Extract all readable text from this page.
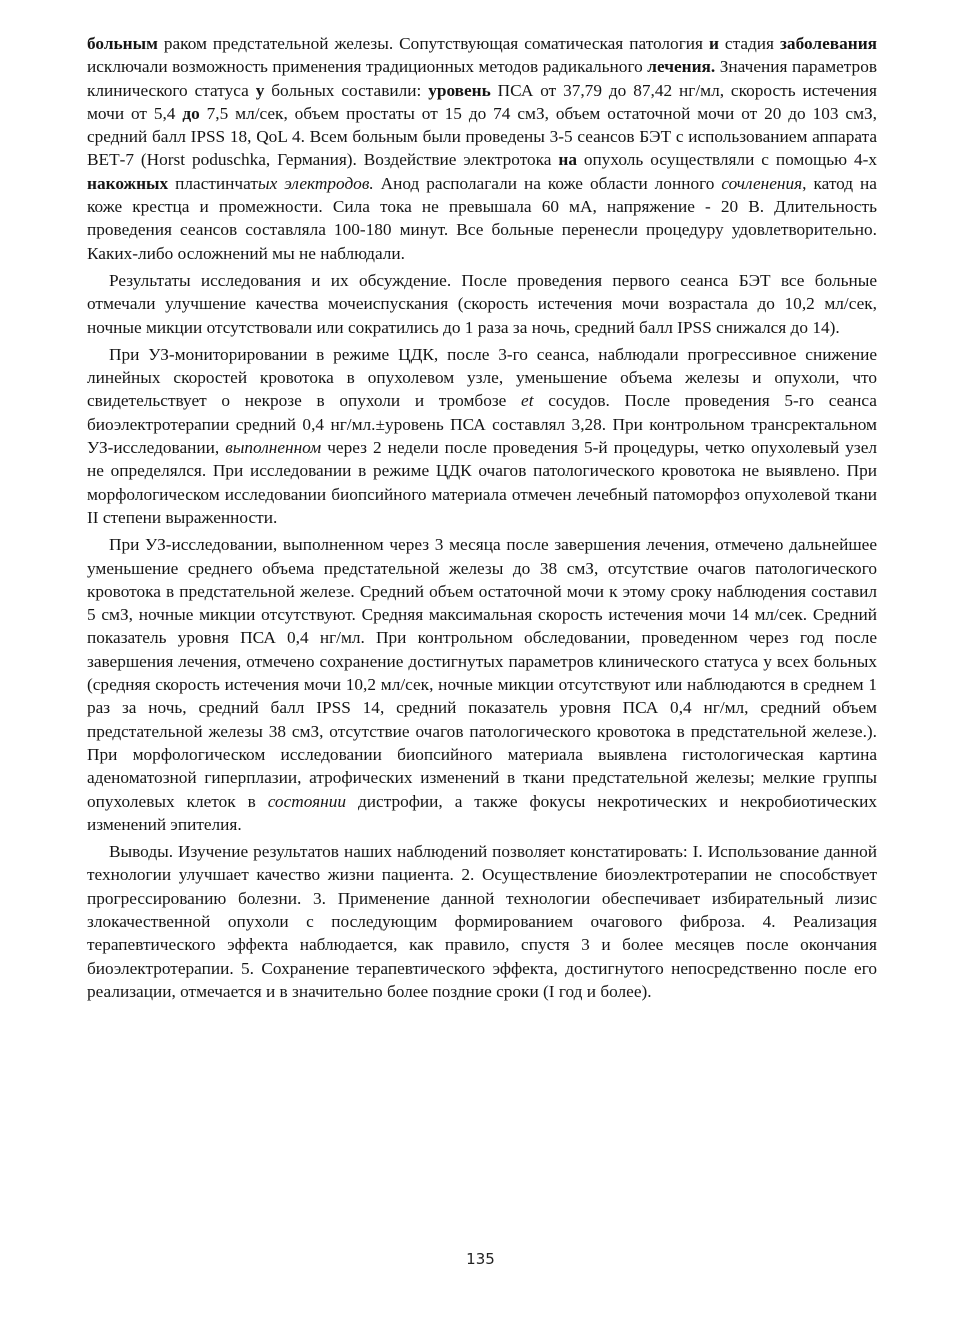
больным раком предстательной железы. Сопутствующая соматическая патология и стадия заболевания исключали возможность применения традиционных методов радикального лечения. Значения параметров клинического статуса у больных составили: уровень ПСА от 37,79 до 87,42 нг/мл, скорость истечения мочи от 5,4 до 7,5 мл/сек, объем простаты от 15 до 74 смЗ, объем остаточной мочи от 20 до 103 смЗ, средний балл IPSS 18, QoL 4. Всем больным были проведены 3-5 сеансов БЭТ с использованием аппарата ВЕТ-7 (Horst poduschka, Германия). Воздействие электротока на опухоль осуществляли с помощью 4-х накожных пластинчатых электродов. Анод располагали на коже области лонного сочленения, катод на коже крестца и промежности. Сила тока не превышала 60 мА, напряжение - 20 В. Длительность проведения сеансов составляла 100-180 минут. Все больные перенесли процедуру удовлетворительно. Каких-либо осложнений мы не наблюдали.

Результаты исследования и их обсуждение. После проведения первого сеанса БЭТ все больные отмечали улучшение качества мочеиспускания (скорость истечения мочи возрастала до 10,2 мл/сек, ночные микции отсутствовали или сократились до 1 раза за ночь, средний балл IPSS снижался до 14).

При УЗ-мониторировании в режиме ЦДК, после 3-го сеанса, наблюдали прогрессивное снижение линейных скоростей кровотока в опухолевом узле, уменьшение объема железы и опухоли, что свидетельствует о некрозе в опухоли и тромбозе et сосудов. После проведения 5-го сеанса биоэлектротерапии средний 0,4 нг/мл.±уровень ПСА составлял 3,28. При контрольном трансректальном УЗ-исследовании, выполненном через 2 недели после проведения 5-й процедуры, четко опухолевый узел не определялся. При исследовании в режиме ЦДК очагов патологического кровотока не выявлено. При морфологическом исследовании биопсийного материала отмечен лечебный патоморфоз опухолевой ткани II степени выраженности.

При УЗ-исследовании, выполненном через 3 месяца после завершения лечения, отмечено дальнейшее уменьшение среднего объема предстательной железы до 38 смЗ, отсутствие очагов патологического кровотока в предстательной железе. Средний объем остаточной мочи к этому сроку наблюдения составил 5 смЗ, ночные микции отсутствуют. Средняя максимальная скорость истечения мочи 14 мл/сек. Средний показатель уровня ПСА 0,4 нг/мл. При контрольном обследовании, проведенном через год после завершения лечения, отмечено сохранение достигнутых параметров клинического статуса у всех больных (средняя скорость истечения мочи 10,2 мл/сек, ночные микции отсутствуют или наблюдаются в среднем 1 раз за ночь, средний балл IPSS 14, средний показатель уровня ПСА 0,4 нг/мл, средний объем предстательной железы 38 смЗ, отсутствие очагов патологического кровотока в предстательной железе.). При морфологическом исследовании биопсийного материала выявлена гистологическая картина аденоматозной гиперплазии, атрофических изменений в ткани предстательной железы; мелкие группы опухолевых клеток в состоянии дистрофии, а также фокусы некротических и некробиотических изменений эпителия.

Выводы. Изучение результатов наших наблюдений позволяет констатировать: I. Использование данной технологии улучшает качество жизни пациента. 2. Осуществление биоэлектротерапии не способствует прогрессированию болезни. 3. Применение данной технологии обеспечивает избирательный лизис злокачественной опухоли с последующим формированием очагового фиброза. 4. Реализация терапевтического эффекта наблюдается, как правило, спустя 3 и более месяцев после окончания биоэлектротерапии. 5. Сохранение терапевтического эффекта, достигнутого непосредственно после его реализации, отмечается и в значительно более поздние сроки (I год и более).

135
